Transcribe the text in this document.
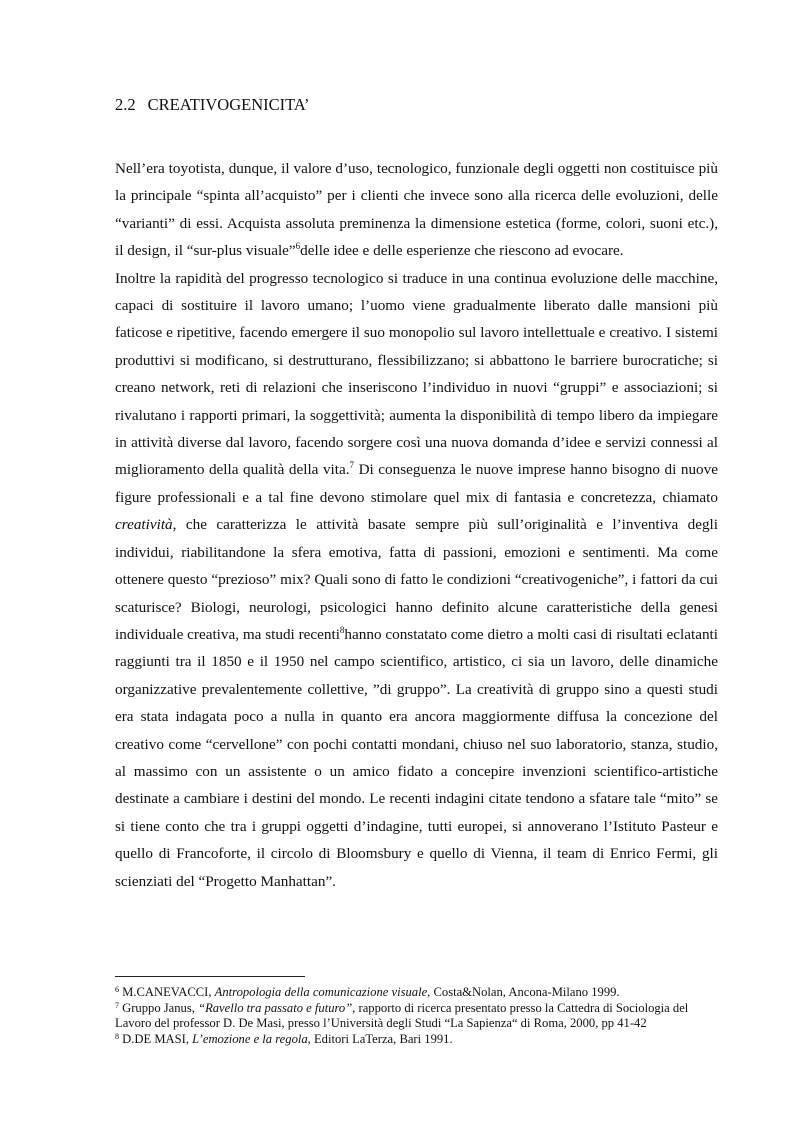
2.2 CREATIVOGENICITA’

Nell’era toyotista, dunque, il valore d’uso, tecnologico, funzionale degli oggetti non costituisce più la principale “spinta all’acquisto” per i clienti che invece sono alla ricerca delle evoluzioni, delle “varianti” di essi. Acquista assoluta preminenza la dimensione estetica (forme, colori, suoni etc.), il design, il “sur-plus visuale”$^6$delle idee e delle esperienze che riescono ad evocare.

Inoltre la rapidità del progresso tecnologico si traduce in una continua evoluzione delle macchine, capaci di sostituire il lavoro umano; l’uomo viene gradualmente liberato dalle mansioni più faticose e ripetitive, facendo emergere il suo monopolio sul lavoro intellettuale e creativo. I sistemi produttivi si modificano, si destrutturano, flessibilizzano; si abbattono le barriere burocratiche; si creano network, reti di relazioni che inseriscono l’individuo in nuovi “gruppi” e associazioni; si rivalutano i rapporti primari, la soggettività; aumenta la disponibilità di tempo libero da impiegare in attività diverse dal lavoro, facendo sorgere così una nuova domanda d’idee e servizi connessi al miglioramento della qualità della vita.$^7$ Di conseguenza le nuove imprese hanno bisogno di nuove figure professionali e a tal fine devono stimolare quel mix di fantasia e concretezza, chiamato creatività, che caratterizza le attività basate sempre più sull’originalità e l’inventiva degli individui, riabilitandone la sfera emotiva, fatta di passioni, emozioni e sentimenti. Ma come ottenere questo “prezioso” mix? Quali sono di fatto le condizioni “creativogeniche”, i fattori da cui scaturisce? Biologi, neurologi, psicologici hanno definito alcune caratteristiche della genesi individuale creativa, ma studi recenti$^8$hanno constatato come dietro a molti casi di risultati eclatanti raggiunti tra il 1850 e il 1950 nel campo scientifico, artistico, ci sia un lavoro, delle dinamiche organizzative prevalentemente collettive, ”di gruppo”. La creatività di gruppo sino a questi studi era stata indagata poco a nulla in quanto era ancora maggiormente diffusa la concezione del creativo come “cervellone” con pochi contatti mondani, chiuso nel suo laboratorio, stanza, studio, al massimo con un assistente o un amico fidato a concepire invenzioni scientifico-artistiche destinate a cambiare i destini del mondo. Le recenti indagini citate tendono a sfatare tale “mito” se si tiene conto che tra i gruppi oggetti d’indagine, tutti europei, si annoverano l’Istituto Pasteur e quello di Francoforte, il circolo di Bloomsbury e quello di Vienna, il team di Enrico Fermi, gli scienziati del “Progetto Manhattan”.

$^6$ M.CANEVACCI, Antropologia della comunicazione visuale, Costa&Nolan, Ancona-Milano 1999.

$^7$ Gruppo Janus, “Ravello tra passato e futuro”, rapporto di ricerca presentato presso la Cattedra di Sociologia del Lavoro del professor D. De Masi, presso l’Università degli Studi “La Sapienza“ di Roma, 2000, pp 41-42

$^8$ D.DE MASI, L’emozione e la regola, Editori LaTerza, Bari 1991.
